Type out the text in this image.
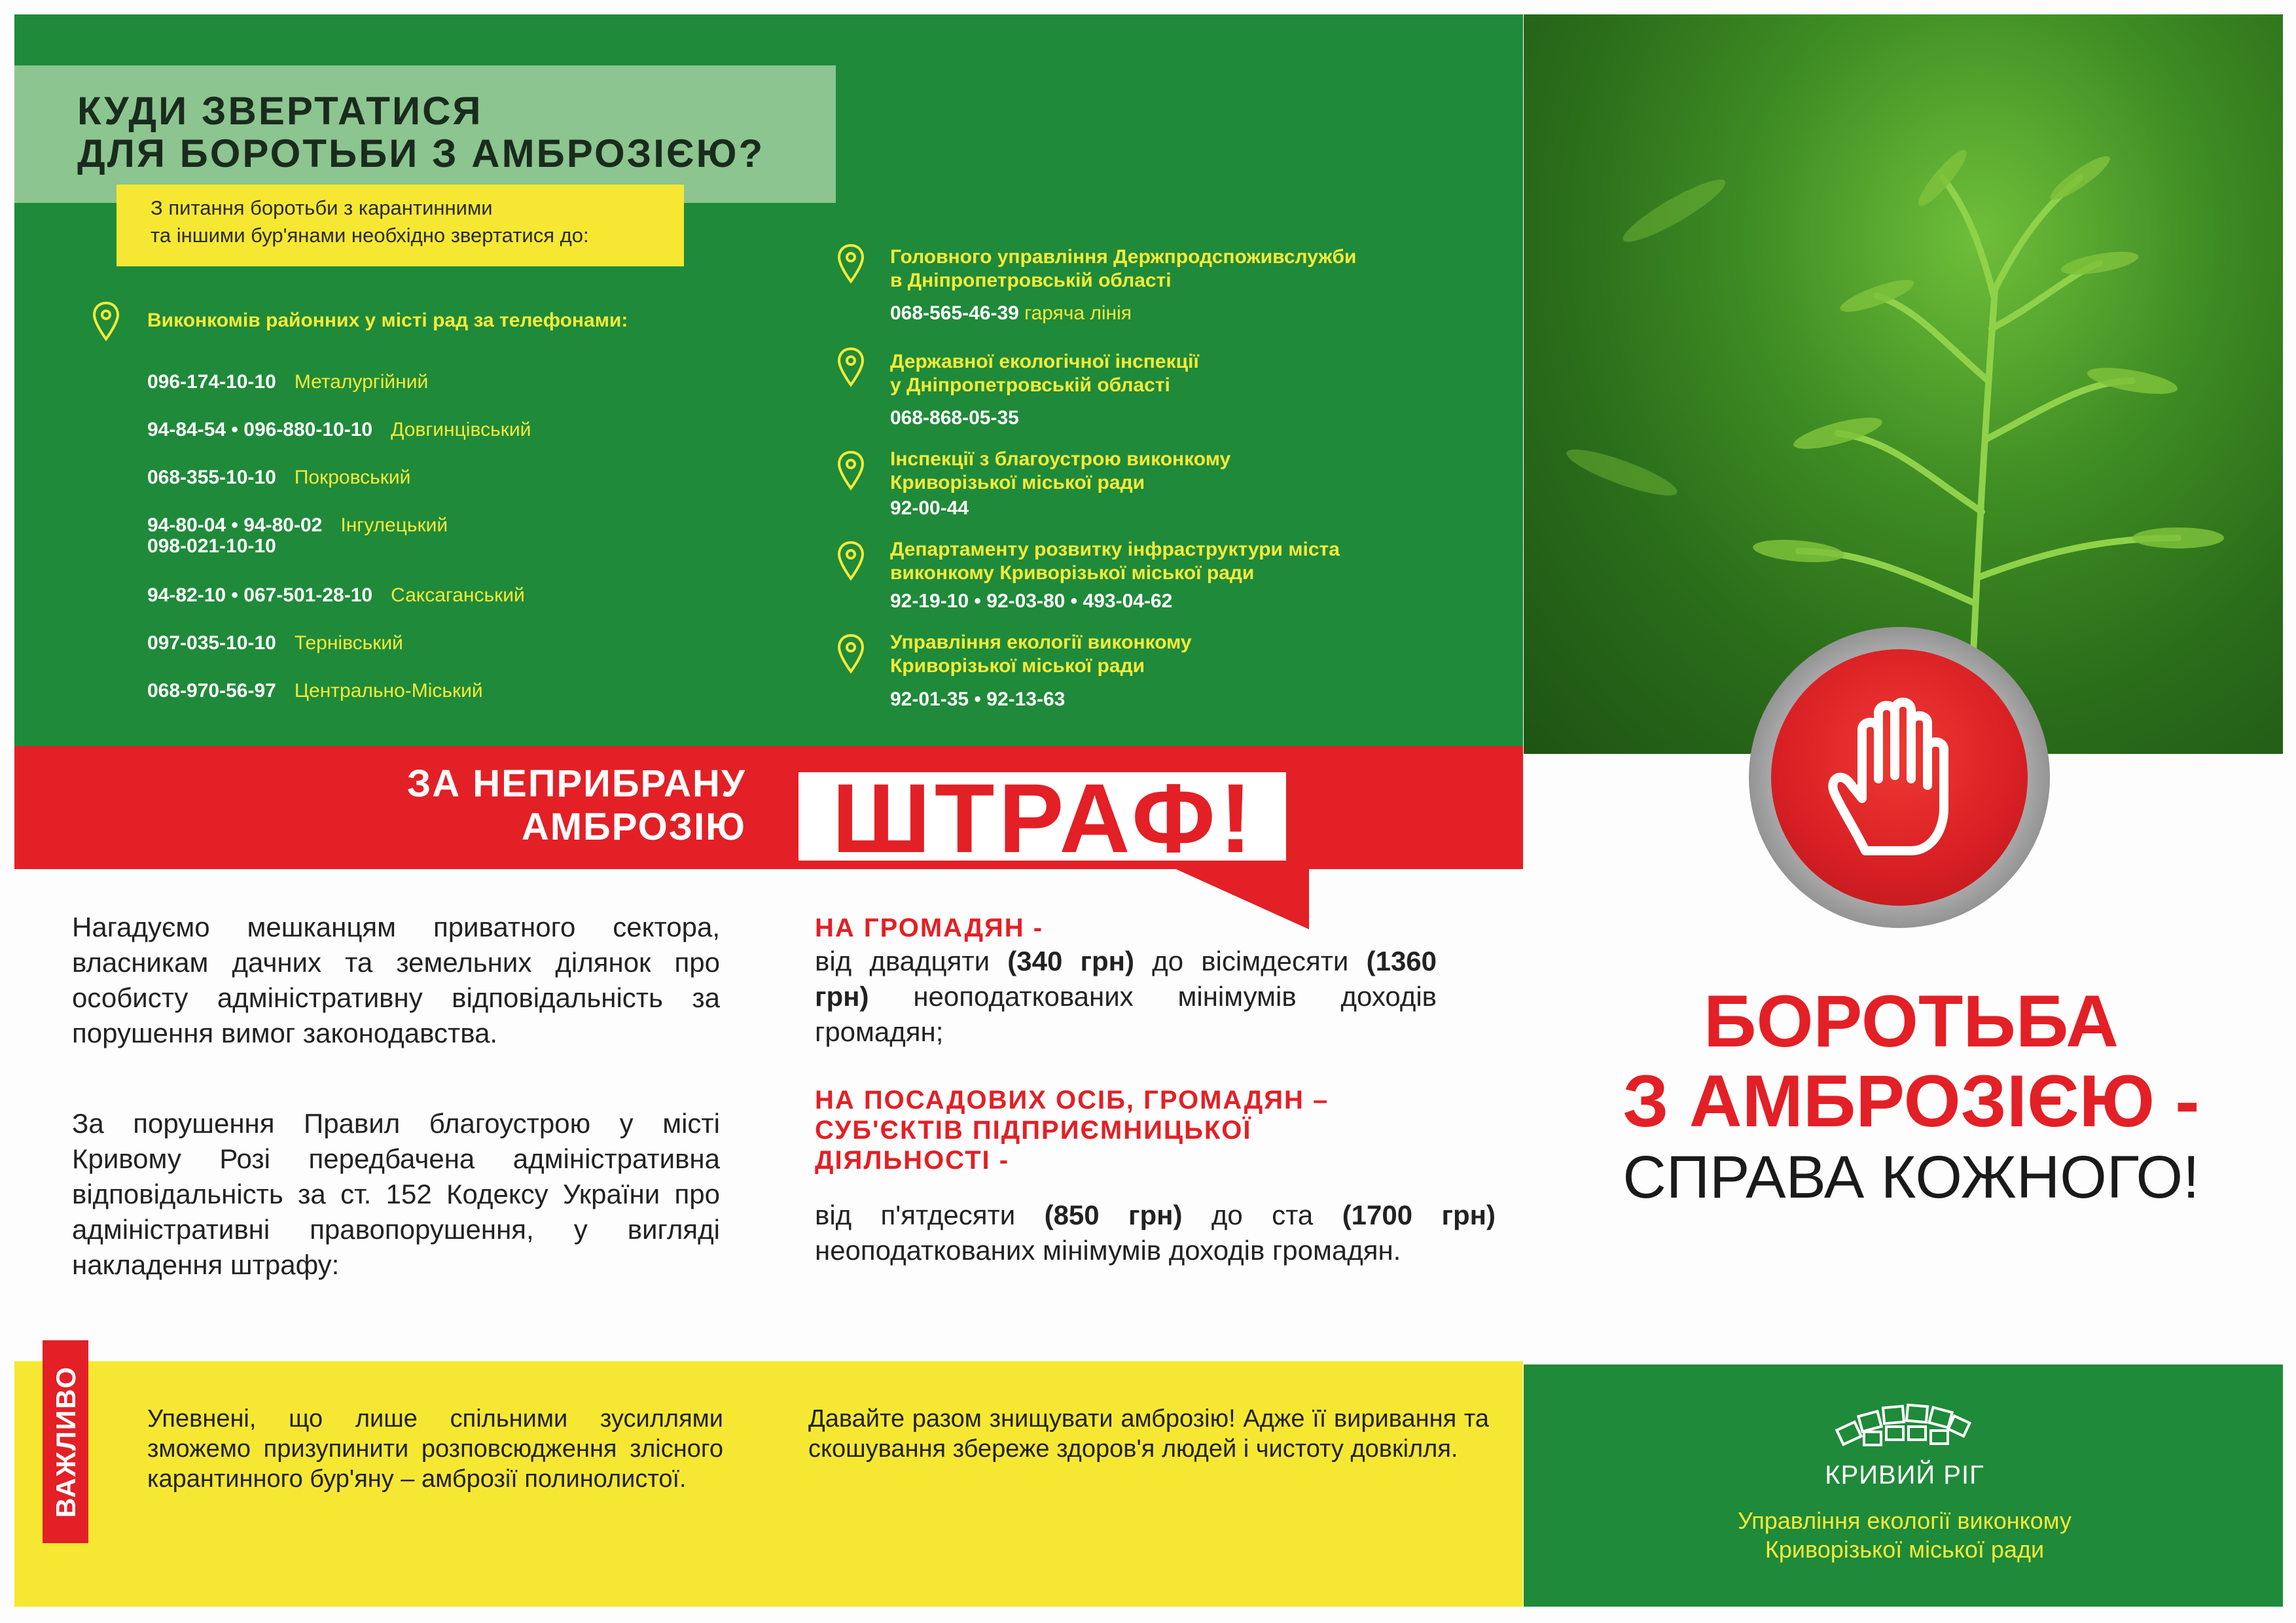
КУДИ ЗВЕРТАТИСЯ
ДЛЯ БОРОТЬБИ З АМБРОЗІЄЮ?
З питання боротьби з карантинними
та іншими бур'янами необхідно звертатися до:
Виконкомів районних у місті рад за телефонами:
096-174-10-10 Металургійний
94-84-54 • 096-880-10-10 Довгинцівський
068-355-10-10 Покровський
94-80-04 • 94-80-02 Інгулецький
098-021-10-10
94-82-10 • 067-501-28-10 Саксаганський
097-035-10-10 Тернівський
068-970-56-97 Центрально-Міський
Головного управління Держпродспоживслужби
в Дніпропетровській області
068-565-46-39 гаряча лінія
Державної екологічної інспекції
у Дніпропетровській області
068-868-05-35
Інспекції з благоустрою виконкому
Криворізької міської ради
92-00-44
Департаменту розвитку інфраструктури міста
виконкому Криворізької міської ради
92-19-10 • 92-03-80 • 493-04-62
Управління екології виконкому
Криворізької міської ради
92-01-35 • 92-13-63
ЗА НЕПРИБРАНУ
АМБРОЗІЮ ШТРАФ!
Нагадуємо мешканцям приватного сектора, власникам дачних та земельних ділянок про особисту адміністративну відповідальність за порушення вимог законодавства.
За порушення Правил благоустрою у місті Кривому Розі передбачена адміністративна відповідальність за ст. 152 Кодексу України про адміністративні правопорушення, у вигляді накладення штрафу:
НА ГРОМАДЯН -
від двадцяти (340 грн) до вісімдесяти (1360 грн) неоподаткованих мінімумів доходів громадян;
НА ПОСАДОВИХ ОСІБ, ГРОМАДЯН –
СУБ'ЄКТІВ ПІДПРИЄМНИЦЬКОЇ
ДІЯЛЬНОСТІ -
від п'ятдесяти (850 грн) до ста (1700 грн) неоподаткованих мінімумів доходів громадян.
БОРОТЬБА
З АМБРОЗІЄЮ -
СПРАВА КОЖНОГО!
ВАЖЛИВО	Упевнені, що лише спільними зусиллями зможемо призупинити розповсюдження злісного карантинного бур'яну – амброзії полинолистої.
Давайте разом знищувати амброзію! Адже її виривання та скошування збереже здоров'я людей і чистоту довкілля.
КРИВИЙ РІГ
Управління екології виконкому
Криворізької міської ради
